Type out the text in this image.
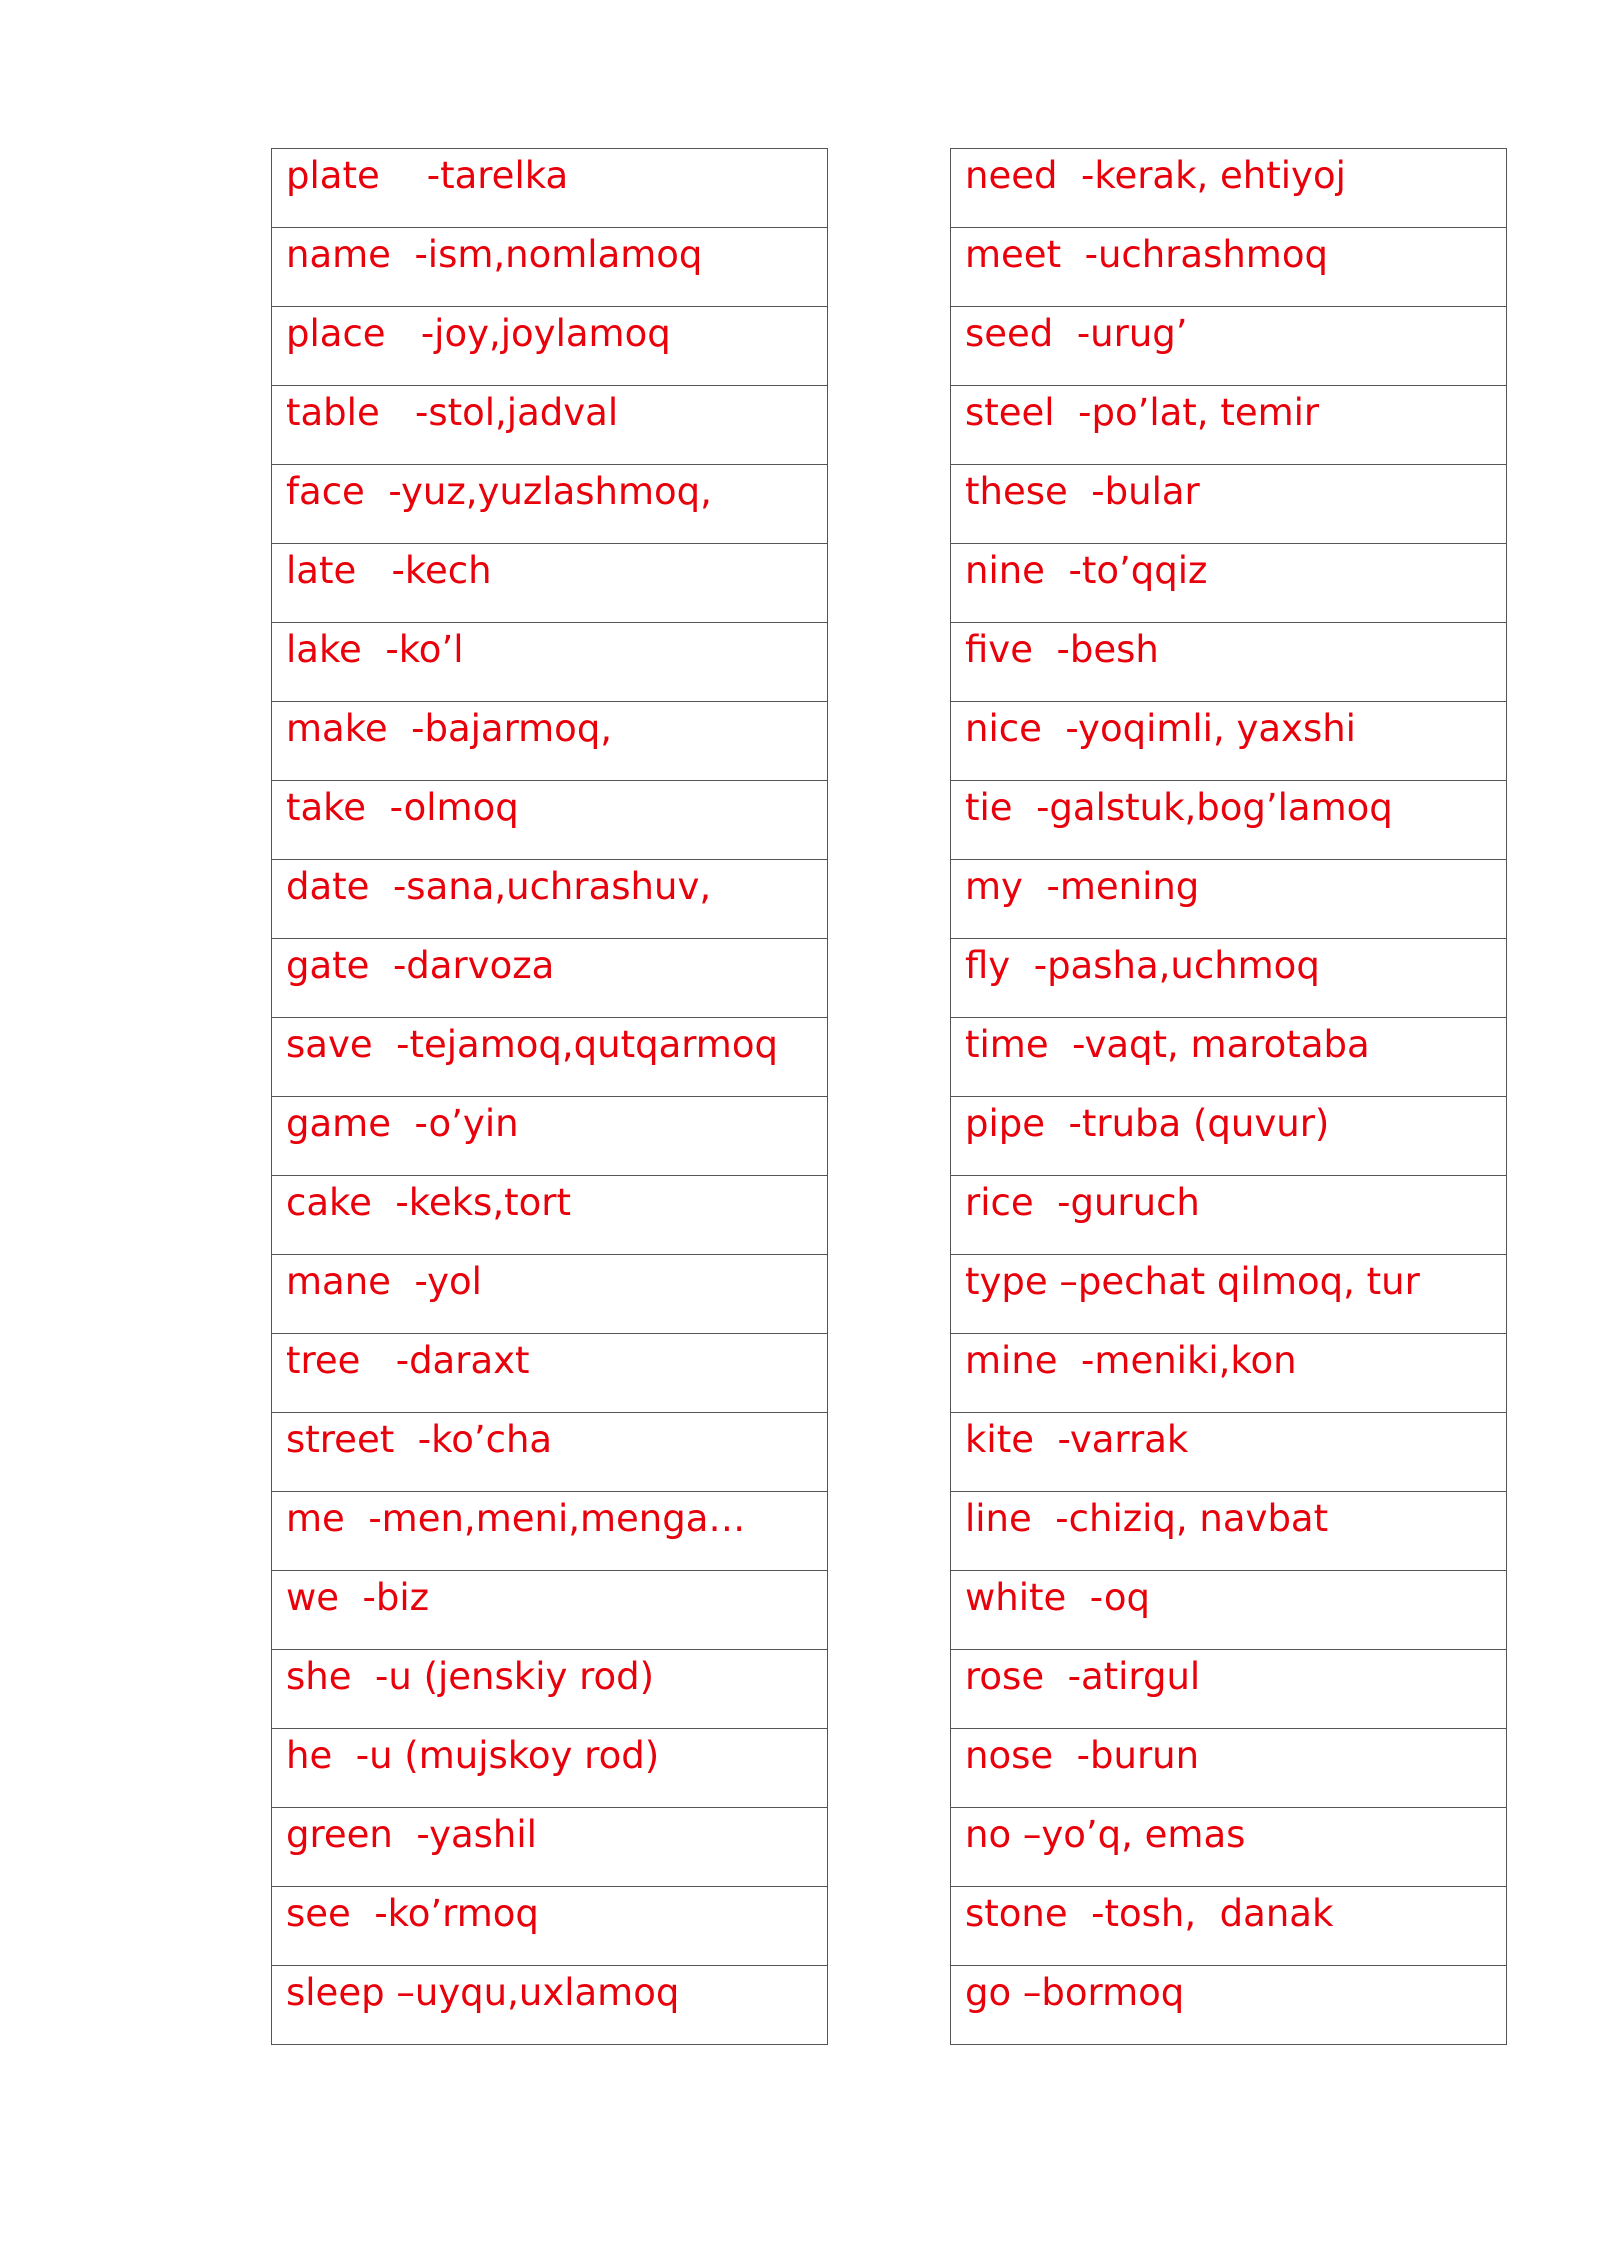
plate    -tarelka
name  -ism,nomlamoq
place   -joy,joylamoq
table   -stol,jadval
face  -yuz,yuzlashmoq,
late   -kech
lake  -ko’l
make  -bajarmoq,
take  -olmoq
date  -sana,uchrashuv,
gate  -darvoza
save  -tejamoq,qutqarmoq
game  -o’yin
cake  -keks,tort
mane  -yol
tree   -daraxt
street  -ko’cha
me  -men,meni,menga…
we  -biz
she  -u (jenskiy rod)
he  -u (mujskoy rod)
green  -yashil
see  -ko’rmoq
sleep –uyqu,uxlamoq
need  -kerak, ehtiyoj
meet  -uchrashmoq
seed  -urug’
steel  -po’lat, temir
these  -bular
nine  -to’qqiz
five  -besh
nice  -yoqimli, yaxshi
tie  -galstuk,bog’lamoq
my  -mening
fly  -pasha,uchmoq
time  -vaqt, marotaba
pipe  -truba (quvur)
rice  -guruch
type –pechat qilmoq, tur
mine  -meniki,kon
kite  -varrak
line  -chiziq, navbat
white  -oq
rose  -atirgul
nose  -burun
no –yo’q, emas
stone  -tosh,  danak
go –bormoq
